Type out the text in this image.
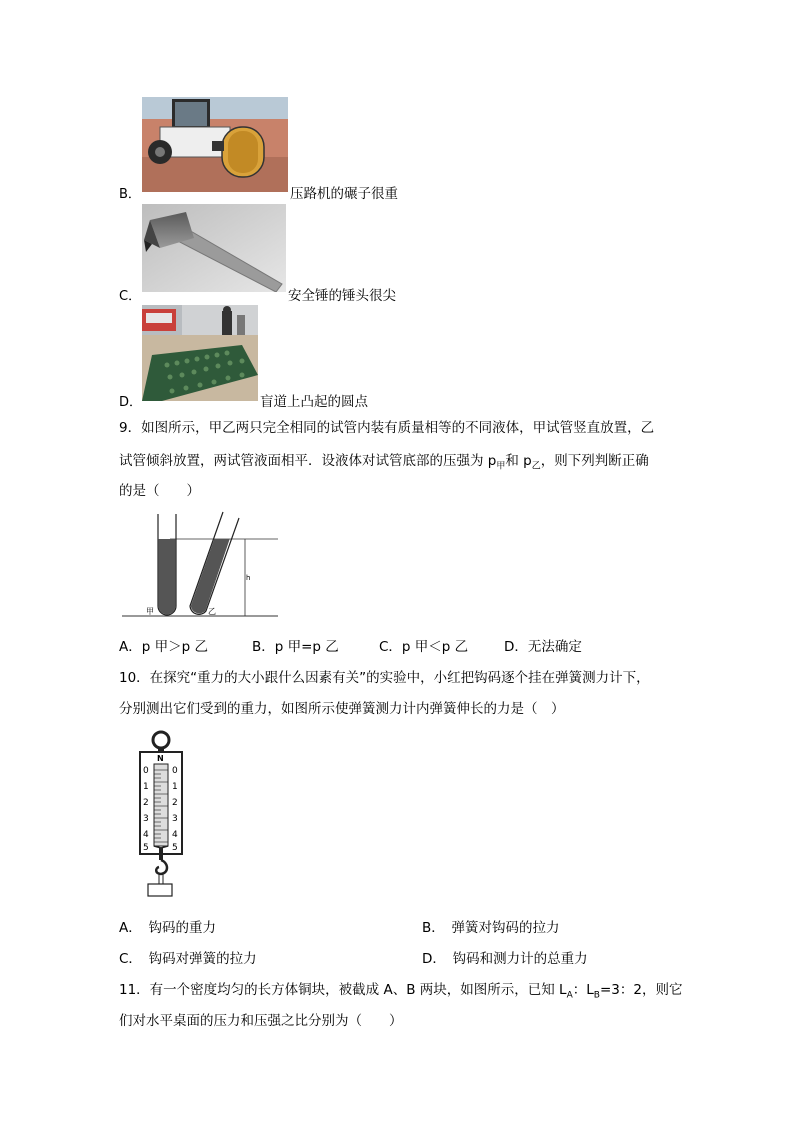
B．	压路机的碾子很重
C．	安全锤的锤头很尖
D．	盲道上凸起的圆点
9．如图所示，甲乙两只完全相同的试管内装有质量相等的不同液体，甲试管竖直放置，乙
试管倾斜放置，两试管液面相平．设液体对试管底部的压强为 $p_甲$和 $p_乙$，则下列判断正确
的是（　　）
h
甲	乙
A．p 甲＞p 乙	B．p 甲=p 乙	C．p 甲＜p 乙	D．无法确定
10．在探究“重力的大小跟什么因素有关”的实验中，小红把钩码逐个挂在弹簧测力计下，
分别测出它们受到的重力，如图所示使弹簧测力计内弹簧伸长的力是（　）
N
0
1
2
3
4
5
0
1
2
3
4
5
A．　钩码的重力	B．　弹簧对钩码的拉力
C．　钩码对弹簧的拉力	D．　钩码和测力计的总重力
11．有一个密度均匀的长方体铜块，被截成 A、B 两块，如图所示，已知 $L_A$：$L_B=3$：2，则它
们对水平桌面的压力和压强之比分别为（　　）
